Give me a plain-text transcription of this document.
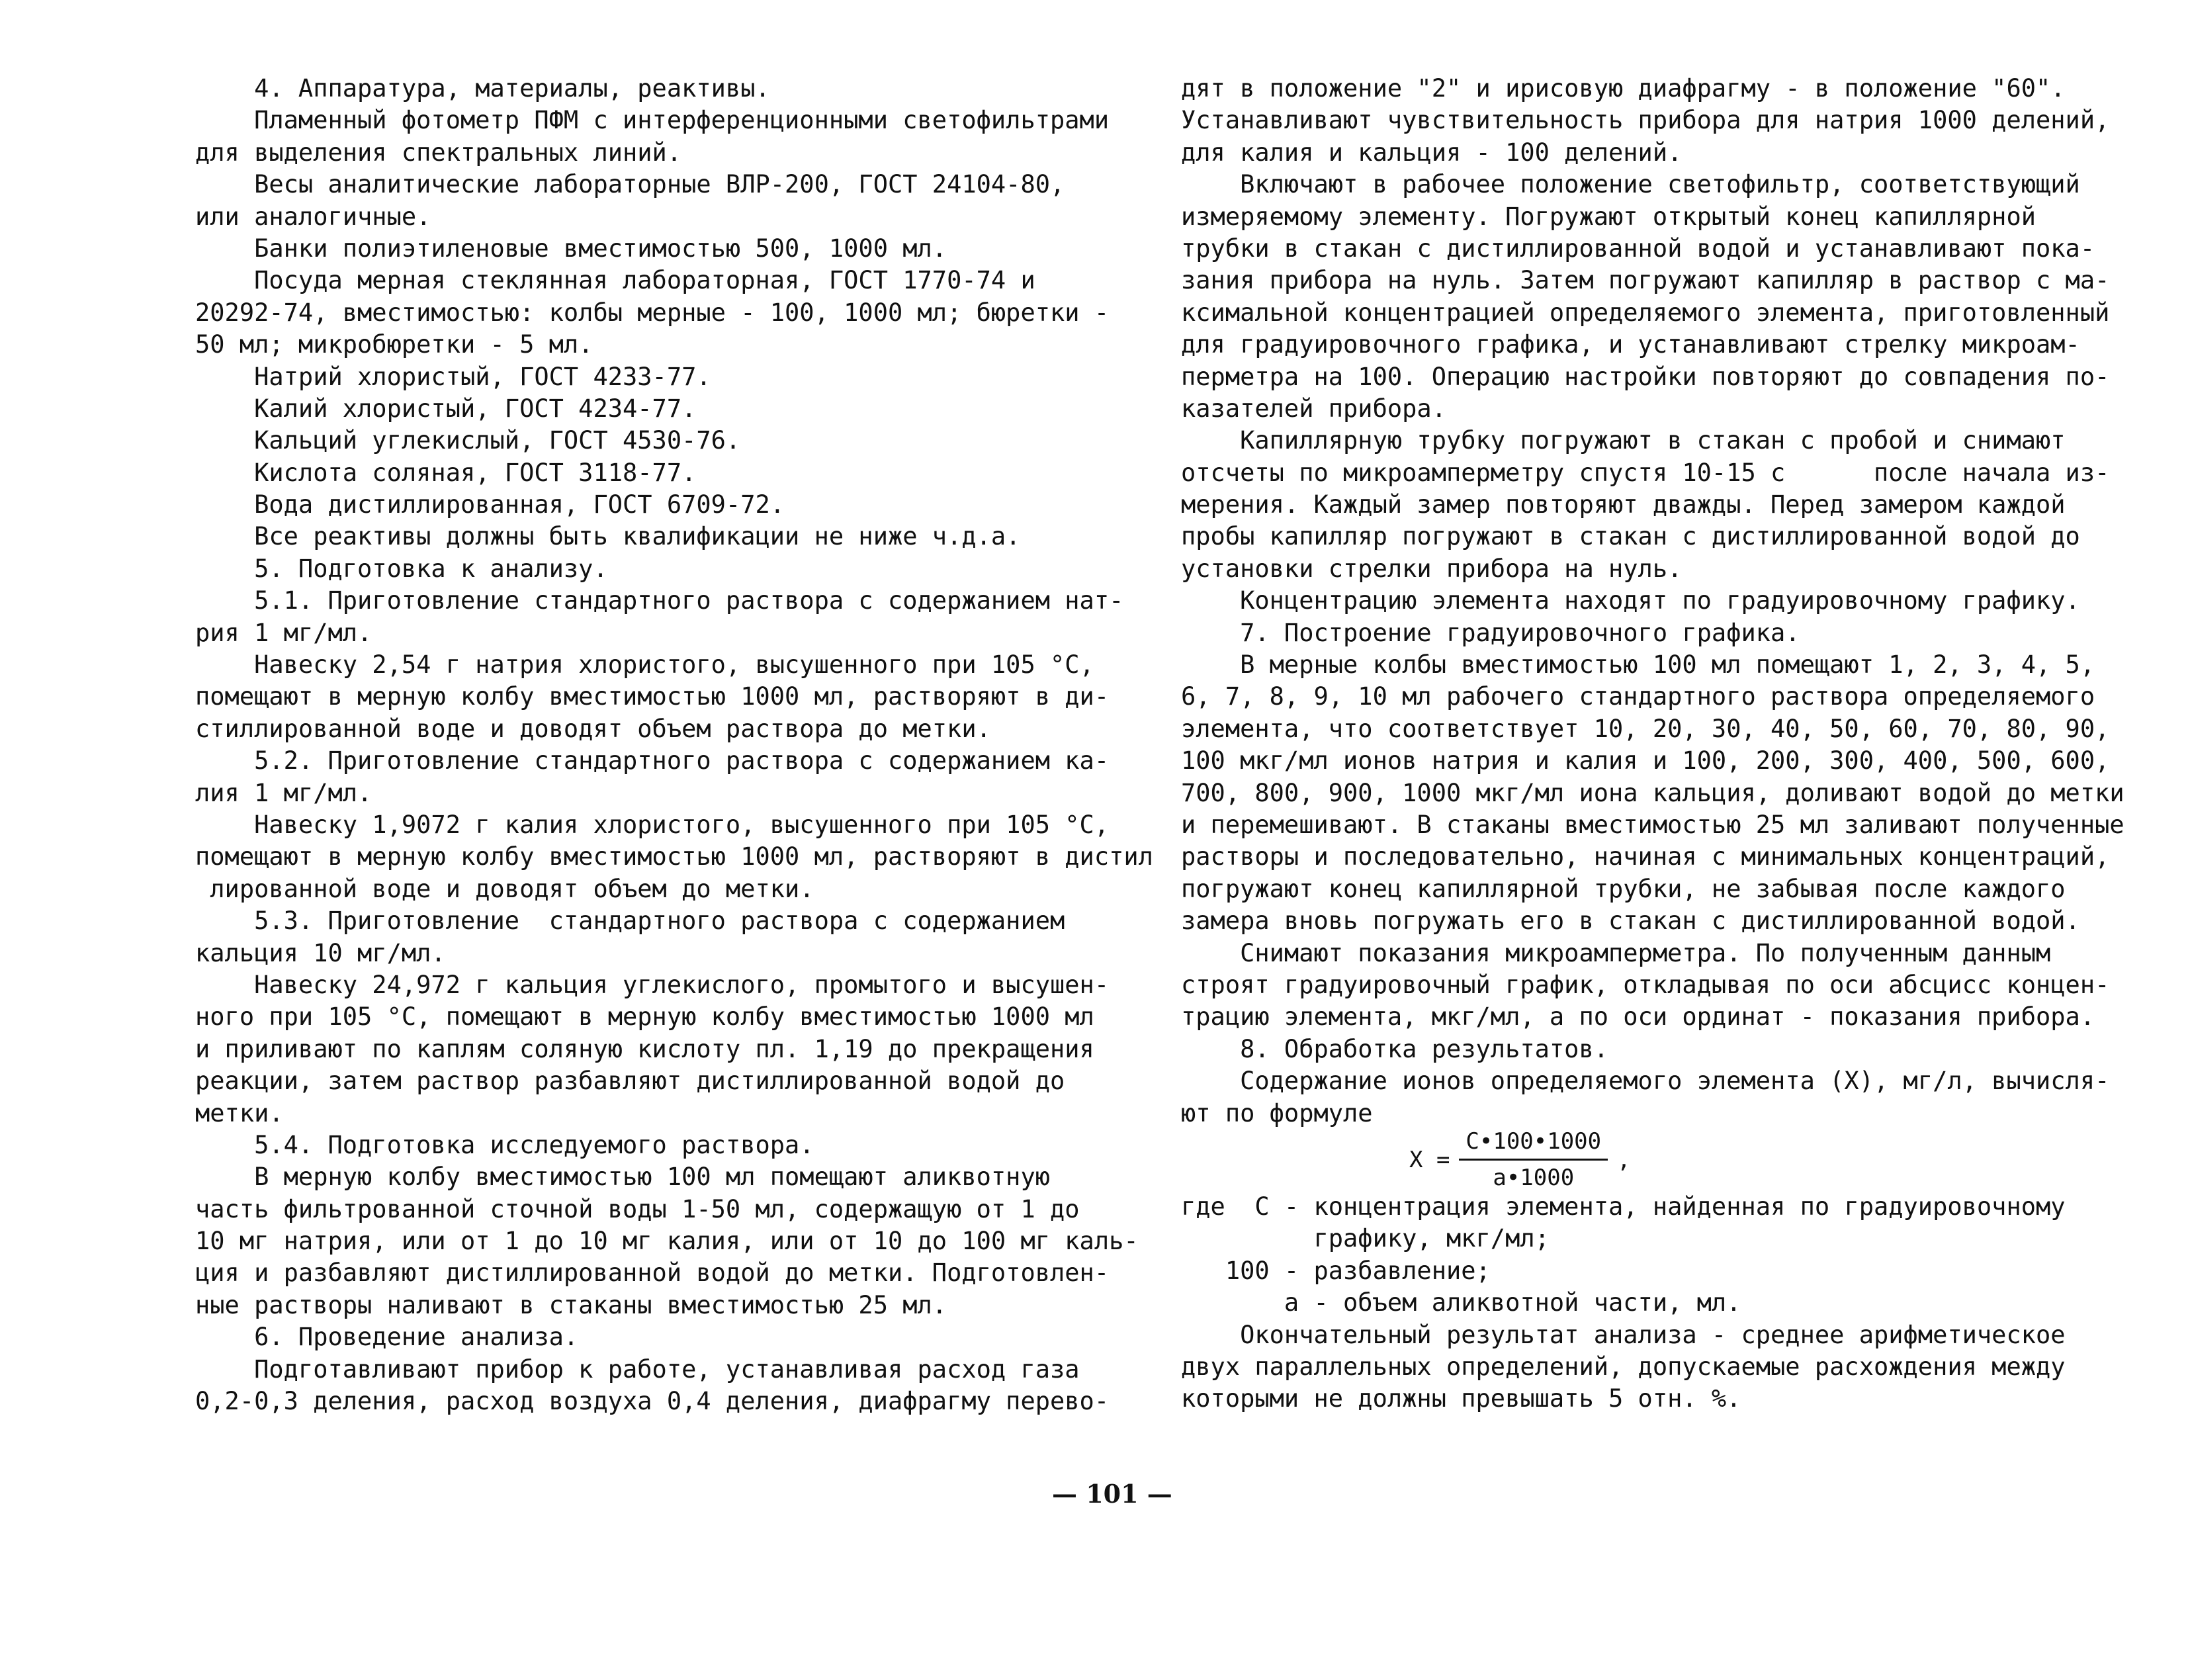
4. Аппаратура, материалы, реактивы.
Пламенный фотометр ПФМ с интерференционными светофильтрами
для выделения спектральных линий.
Весы аналитические лабораторные ВЛР-200, ГОСТ 24104-80,
или аналогичные.
Банки полиэтиленовые вместимостью 500, 1000 мл.
Посуда мерная стеклянная лабораторная, ГОСТ 1770-74 и
20292-74, вместимостью: колбы мерные - 100, 1000 мл; бюретки -
50 мл; микробюретки - 5 мл.
Натрий хлористый, ГОСТ 4233-77.
Калий хлористый, ГОСТ 4234-77.
Кальций углекислый, ГОСТ 4530-76.
Кислота соляная, ГОСТ 3118-77.
Вода дистиллированная, ГОСТ 6709-72.
Все реактивы должны быть квалификации не ниже ч.д.а.
5. Подготовка к анализу.
5.1. Приготовление стандартного раствора с содержанием нат-
рия 1 мг/мл.
Навеску 2,54 г натрия хлористого, высушенного при 105 °С,
помещают в мерную колбу вместимостью 1000 мл, растворяют в ди-
стиллированной воде и доводят объем раствора до метки.
5.2. Приготовление стандартного раствора с содержанием ка-
лия 1 мг/мл.
Навеску 1,9072 г калия хлористого, высушенного при 105 °С,
помещают в мерную колбу вместимостью 1000 мл, растворяют в дистил
лированной воде и доводят объем до метки.
5.3. Приготовление  стандартного раствора с содержанием
кальция 10 мг/мл.
Навеску 24,972 г кальция углекислого, промытого и высушен-
ного при 105 °С, помещают в мерную колбу вместимостью 1000 мл
и приливают по каплям соляную кислоту пл. 1,19 до прекращения
реакции, затем раствор разбавляют дистиллированной водой до
метки.
5.4. Подготовка исследуемого раствора.
В мерную колбу вместимостью 100 мл помещают аликвотную
часть фильтрованной сточной воды 1-50 мл, содержащую от 1 до
10 мг натрия, или от 1 до 10 мг калия, или от 10 до 100 мг каль-
ция и разбавляют дистиллированной водой до метки. Подготовлен-
ные растворы наливают в стаканы вместимостью 25 мл.
6. Проведение анализа.
Подготавливают прибор к работе, устанавливая расход газа
0,2-0,3 деления, расход воздуха 0,4 деления, диафрагму перево-
дят в положение "2" и ирисовую диафрагму - в положение "60".
Устанавливают чувствительность прибора для натрия 1000 делений,
для калия и кальция - 100 делений.
Включают в рабочее положение светофильтр, соответствующий
измеряемому элементу. Погружают открытый конец капиллярной
трубки в стакан с дистиллированной водой и устанавливают пока-
зания прибора на нуль. Затем погружают капилляр в раствор с ма-
ксимальной концентрацией определяемого элемента, приготовленный
для градуировочного графика, и устанавливают стрелку микроам-
перметра на 100. Операцию настройки повторяют до совпадения по-
казателей прибора.
Капиллярную трубку погружают в стакан с пробой и снимают
отсчеты по микроамперметру спустя 10-15 с      после начала из-
мерения. Каждый замер повторяют дважды. Перед замером каждой
пробы капилляр погружают в стакан с дистиллированной водой до
установки стрелки прибора на нуль.
Концентрацию элемента находят по градуировочному графику.
7. Построение градуировочного графика.
В мерные колбы вместимостью 100 мл помещают 1, 2, 3, 4, 5,
6, 7, 8, 9, 10 мл рабочего стандартного раствора определяемого
элемента, что соответствует 10, 20, 30, 40, 50, 60, 70, 80, 90,
100 мкг/мл ионов натрия и калия и 100, 200, 300, 400, 500, 600,
700, 800, 900, 1000 мкг/мл иона кальция, доливают водой до метки
и перемешивают. В стаканы вместимостью 25 мл заливают полученные
растворы и последовательно, начиная с минимальных концентраций,
погружают конец капиллярной трубки, не забывая после каждого
замера вновь погружать его в стакан с дистиллированной водой.
Снимают показания микроамперметра. По полученным данным
строят градуировочный график, откладывая по оси абсцисс концен-
трацию элемента, мкг/мл, а по оси ординат - показания прибора.
8. Обработка результатов.
Содержание ионов определяемого элемента (X), мг/л, вычисля-
ют по формуле
$X = \frac{C•100•1000}{a•1000}$ ,
где  С - концентрация элемента, найденная по градуировочному
графику, мкг/мл;
100 - разбавление;
а - объем аликвотной части, мл.
Окончательный результат анализа - среднее арифметическое
двух параллельных определений, допускаемые расхождения между
которыми не должны превышать 5 отн. %.
— 101 —
